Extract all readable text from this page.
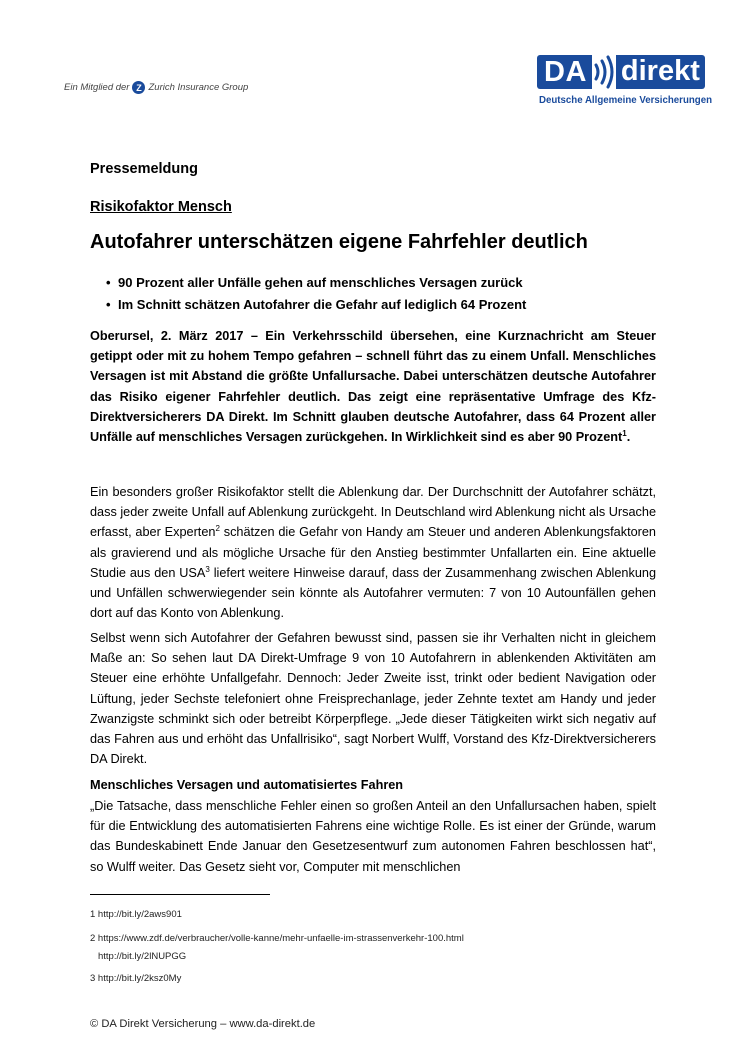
Ein Mitglied der Z Zurich Insurance Group	DA direkt
Deutsche Allgemeine Versicherungen
Pressemeldung
Risikofaktor Mensch
Autofahrer unterschätzen eigene Fahrfehler deutlich
• 90 Prozent aller Unfälle gehen auf menschliches Versagen zurück
• Im Schnitt schätzen Autofahrer die Gefahr auf lediglich 64 Prozent
Oberursel, 2. März 2017 – Ein Verkehrsschild übersehen, eine Kurznachricht am Steuer getippt oder mit zu hohem Tempo gefahren – schnell führt das zu einem Unfall. Menschliches Versagen ist mit Abstand die größte Unfallursache. Dabei unterschätzen deutsche Autofahrer das Risiko eigener Fahrfehler deutlich. Das zeigt eine repräsentative Umfrage des Kfz-Direktversicherers DA Direkt. Im Schnitt glauben deutsche Autofahrer, dass 64 Prozent aller Unfälle auf menschliches Versagen zurückgehen. In Wirklichkeit sind es aber 90 Prozent$^1$.
Ein besonders großer Risikofaktor stellt die Ablenkung dar. Der Durchschnitt der Autofahrer schätzt, dass jeder zweite Unfall auf Ablenkung zurückgeht. In Deutschland wird Ablenkung nicht als Ursache erfasst, aber Experten$^2$ schätzen die Gefahr von Handy am Steuer und anderen Ablenkungsfaktoren als gravierend und als mögliche Ursache für den Anstieg bestimmter Unfallarten ein. Eine aktuelle Studie aus den USA$^3$ liefert weitere Hinweise darauf, dass der Zusammenhang zwischen Ablenkung und Unfällen schwerwiegender sein könnte als Autofahrer vermuten: 7 von 10 Autounfällen gehen dort auf das Konto von Ablenkung.
Selbst wenn sich Autofahrer der Gefahren bewusst sind, passen sie ihr Verhalten nicht in gleichem Maße an: So sehen laut DA Direkt-Umfrage 9 von 10 Autofahrern in ablenkenden Aktivitäten am Steuer eine erhöhte Unfallgefahr. Dennoch: Jeder Zweite isst, trinkt oder bedient Navigation oder Lüftung, jeder Sechste telefoniert ohne Freisprechanlage, jeder Zehnte textet am Handy und jeder Zwanzigste schminkt sich oder betreibt Körperpflege. „Jede dieser Tätigkeiten wirkt sich negativ auf das Fahren aus und erhöht das Unfallrisiko“, sagt Norbert Wulff, Vorstand des Kfz-Direktversicherers DA Direkt.
Menschliches Versagen und automatisiertes Fahren
„Die Tatsache, dass menschliche Fehler einen so großen Anteil an den Unfallursachen haben, spielt für die Entwicklung des automatisierten Fahrens eine wichtige Rolle. Es ist einer der Gründe, warum das Bundeskabinett Ende Januar den Gesetzesentwurf zum autonomen Fahren beschlossen hat“, so Wulff weiter. Das Gesetz sieht vor, Computer mit menschlichen
1 http://bit.ly/2aws901
2 https://www.zdf.de/verbraucher/volle-kanne/mehr-unfaelle-im-strassenverkehr-100.html
http://bit.ly/2lNUPGG
3 http://bit.ly/2ksz0My
© DA Direkt Versicherung – www.da-direkt.de
